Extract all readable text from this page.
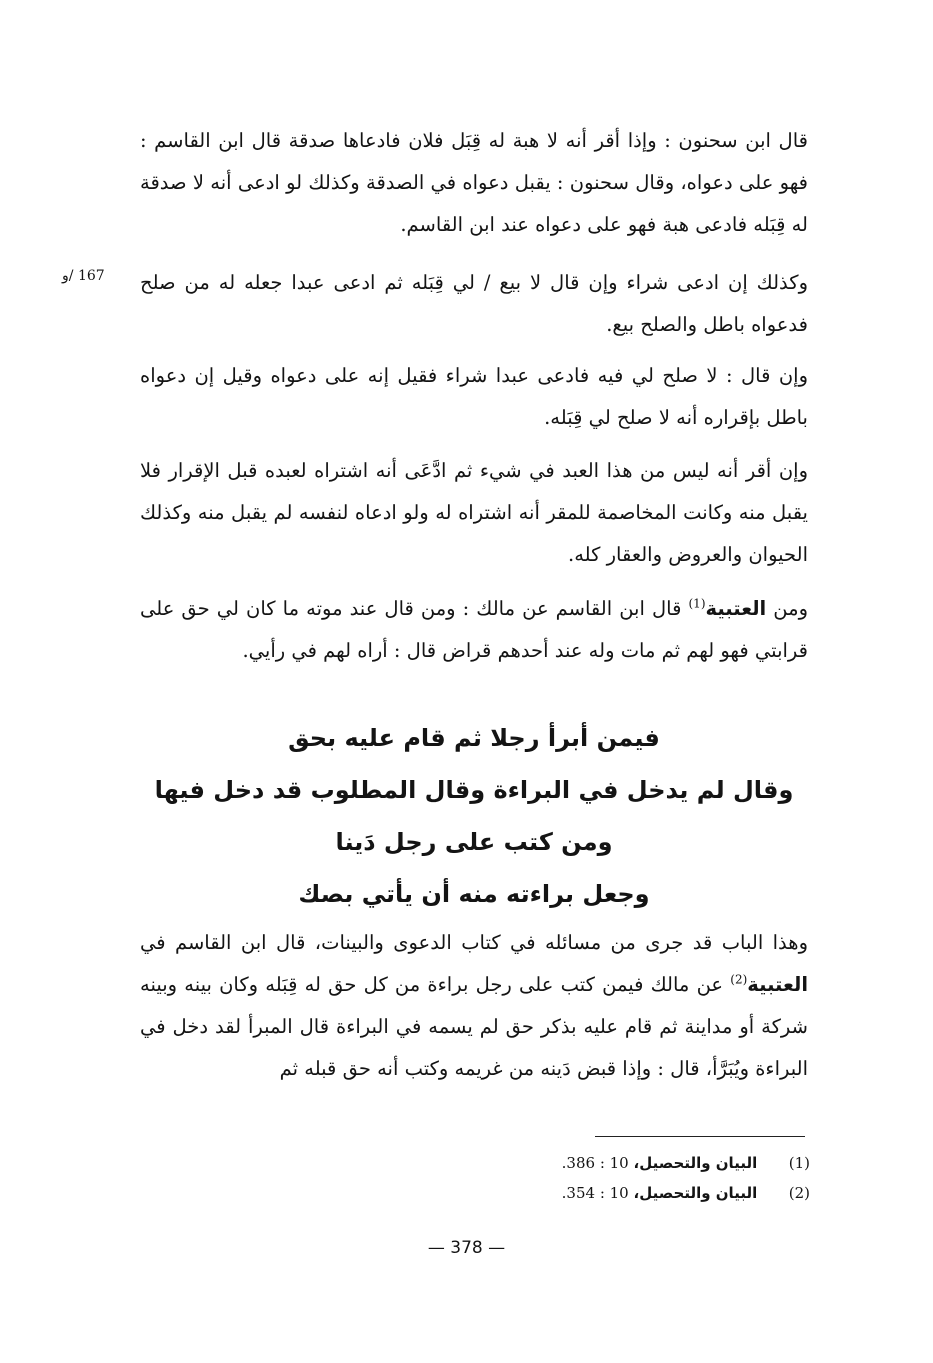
قال ابن سحنون : وإذا أقر أنه لا هبة له قِبَل فلان فادعاها صدقة قال ابن القاسم : فهو على دعواه، وقال سحنون : يقبل دعواه في الصدقة وكذلك لو ادعى أنه لا صدقة له قِبَله فادعى هبة فهو على دعواه عند ابن القاسم.

167 /و	وكذلك إن ادعى شراء وإن قال لا بيع / لي قِبَله ثم ادعى عبدا جعله له من صلح فدعواه باطل والصلح بيع.

وإن قال : لا صلح لي فيه فادعى عبدا شراء فقيل إنه على دعواه وقيل إن دعواه باطل بإقراره أنه لا صلح لي قِبَله.

وإن أقر أنه ليس من هذا العبد في شيء ثم ادَّعَى أنه اشتراه لعبده قبل الإقرار فلا يقبل منه وكانت المخاصمة للمقر أنه اشتراه له ولو ادعاه لنفسه لم يقبل منه وكذلك الحيوان والعروض والعقار كله.

ومن العتبية$^{(1)}$ قال ابن القاسم عن مالك : ومن قال عند موته ما كان لي حق على قرابتي فهو لهم ثم مات وله عند أحدهم قراض قال : أراه لهم في رأيي.

فيمن أبرأ رجلا ثم قام عليه بحق
وقال لم يدخل في البراءة وقال المطلوب قد دخل فيها
ومن كتب على رجل دَينا
وجعل براءته منه أن يأتي بصك

وهذا الباب قد جرى من مسائله في كتاب الدعوى والبينات، قال ابن القاسم في العتبية$^{(2)}$ عن مالك فيمن كتب على رجل براءة من كل حق له قِبَله وكان بينه وبينه شركة أو مداينة ثم قام عليه بذكر حق لم يسمه في البراءة قال المبرأ لقد دخل في البراءة ويُبَرَّأ، قال : وإذا قبض دَينه من غريمه وكتب أنه حق قبله ثم

(1) البيان والتحصيل، 10 : 386.
(2) البيان والتحصيل، 10 : 354.
— 378 —
